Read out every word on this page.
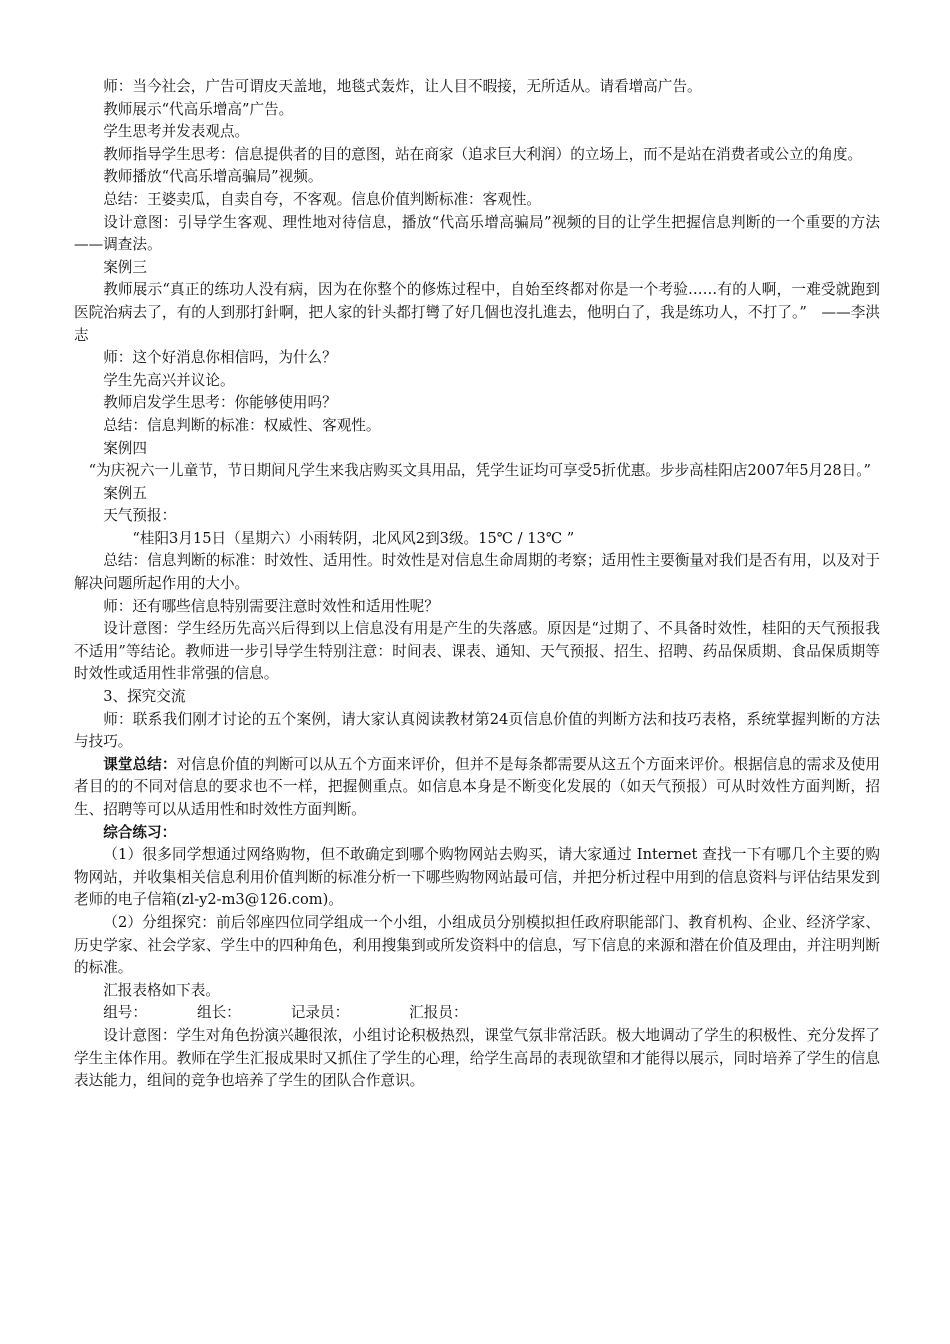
师：当今社会，广告可谓皮天盖地，地毯式轰炸，让人目不暇接，无所适从。请看增高广告。

教师展示“代高乐增高”广告。

学生思考并发表观点。

教师指导学生思考：信息提供者的目的意图，站在商家（追求巨大利润）的立场上，而不是站在消费者或公立的角度。

教师播放“代高乐增高骗局”视频。

总结：王婆卖瓜，自卖自夸，不客观。信息价值判断标准：客观性。

设计意图：引导学生客观、理性地对待信息，播放“代高乐增高骗局”视频的目的让学生把握信息判断的一个重要的方法——调查法。

案例三

教师展示“真正的练功人没有病，因为在你整个的修炼过程中，自始至终都对你是一个考验……有的人啊，一难受就跑到医院治病去了，有的人到那打針啊，把人家的针头都打彎了好几個也沒扎進去，他明白了，我是练功人，不打了。”　——李洪志

师：这个好消息你相信吗，为什么？

学生先高兴并议论。

教师启发学生思考：你能够使用吗？

总结：信息判断的标准：权威性、客观性。

案例四

“为庆祝六一儿童节，节日期间凡学生来我店购买文具用品，凭学生证均可享受5折优惠。步步高桂阳店2007年5月28日。”

案例五

天气预报：

“桂阳3月15日（星期六）小雨转阴，北风风2到3级。15℃ / 13℃ ”

总结：信息判断的标准：时效性、适用性。时效性是对信息生命周期的考察；适用性主要衡量对我们是否有用，以及对于解决问题所起作用的大小。

师：还有哪些信息特别需要注意时效性和适用性呢？

设计意图：学生经历先高兴后得到以上信息没有用是产生的失落感。原因是“过期了、不具备时效性，桂阳的天气预报我不适用”等结论。教师进一步引导学生特别注意：时间表、课表、通知、天气预报、招生、招聘、药品保质期、食品保质期等时效性或适用性非常强的信息。

3、探究交流

师：联系我们刚才讨论的五个案例，请大家认真阅读教材第24页信息价值的判断方法和技巧表格，系统掌握判断的方法与技巧。

课堂总结：对信息价值的判断可以从五个方面来评价，但并不是每条都需要从这五个方面来评价。根据信息的需求及使用者目的的不同对信息的要求也不一样，把握侧重点。如信息本身是不断变化发展的（如天气预报）可从时效性方面判断，招生、招聘等可以从适用性和时效性方面判断。

综合练习：

（1）很多同学想通过网络购物，但不敢确定到哪个购物网站去购买，请大家通过 Internet 查找一下有哪几个主要的购物网站，并收集相关信息利用价值判断的标准分析一下哪些购物网站最可信，并把分析过程中用到的信息资料与评估结果发到老师的电子信箱(zl-y2-m3@126.com)。

（2）分组探究：前后邻座四位同学组成一个小组，小组成员分别模拟担任政府职能部门、教育机构、企业、经济学家、历史学家、社会学家、学生中的四种角色，利用搜集到或所发资料中的信息，写下信息的来源和潜在价值及理由，并注明判断的标准。

汇报表格如下表。

组号：	组长：	记录员：	汇报员：

设计意图：学生对角色扮演兴趣很浓，小组讨论积极热烈，课堂气氛非常活跃。极大地调动了学生的积极性、充分发挥了学生主体作用。教师在学生汇报成果时又抓住了学生的心理，给学生高昂的表现欲望和才能得以展示，同时培养了学生的信息表达能力，组间的竞争也培养了学生的团队合作意识。
